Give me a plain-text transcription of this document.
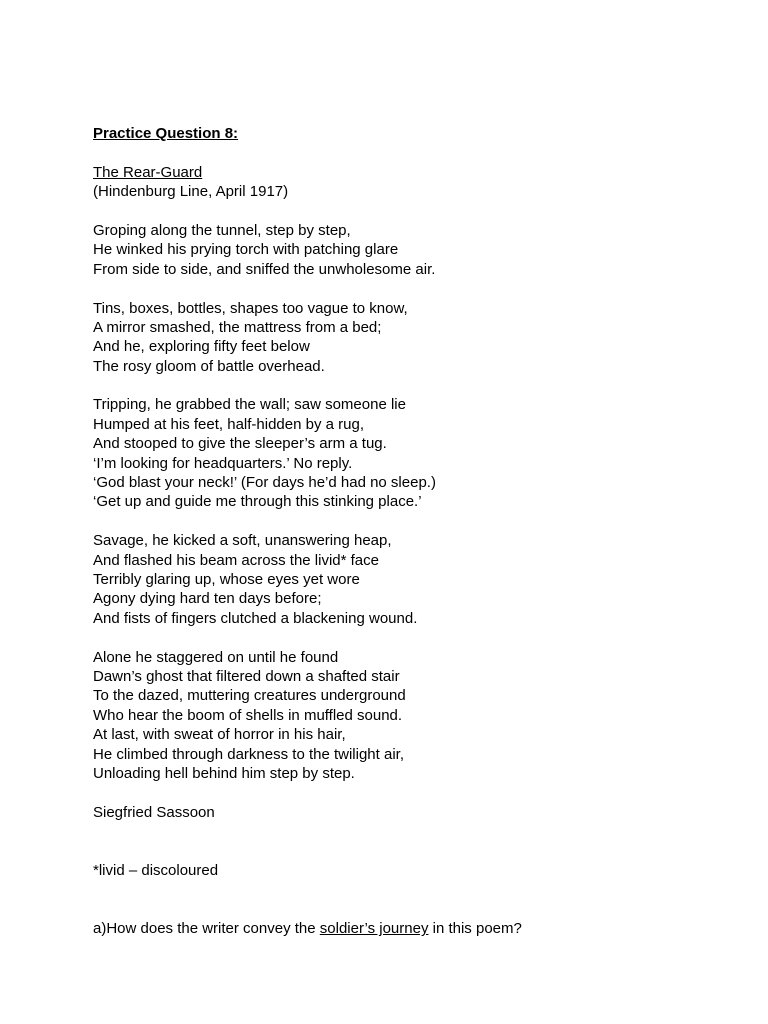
Practice Question 8:
The Rear-Guard
(Hindenburg Line, April 1917)
Groping along the tunnel, step by step,
He winked his prying torch with patching glare
From side to side, and sniffed the unwholesome air.
Tins, boxes, bottles, shapes too vague to know,
A mirror smashed, the mattress from a bed;
And he, exploring fifty feet below
The rosy gloom of battle overhead.
Tripping, he grabbed the wall; saw someone lie
Humped at his feet, half-hidden by a rug,
And stooped to give the sleeper’s arm a tug.
‘I’m looking for headquarters.’ No reply.
‘God blast your neck!’ (For days he’d had no sleep.)
‘Get up and guide me through this stinking place.’
Savage, he kicked a soft, unanswering heap,
And flashed his beam across the livid* face
Terribly glaring up, whose eyes yet wore
Agony dying hard ten days before;
And fists of fingers clutched a blackening wound.
Alone he staggered on until he found
Dawn’s ghost that filtered down a shafted stair
To the dazed, muttering creatures underground
Who hear the boom of shells in muffled sound.
At last, with sweat of horror in his hair,
He climbed through darkness to the twilight air,
Unloading hell behind him step by step.
Siegfried Sassoon
*livid – discoloured
a)How does the writer convey the soldier’s journey in this poem?
